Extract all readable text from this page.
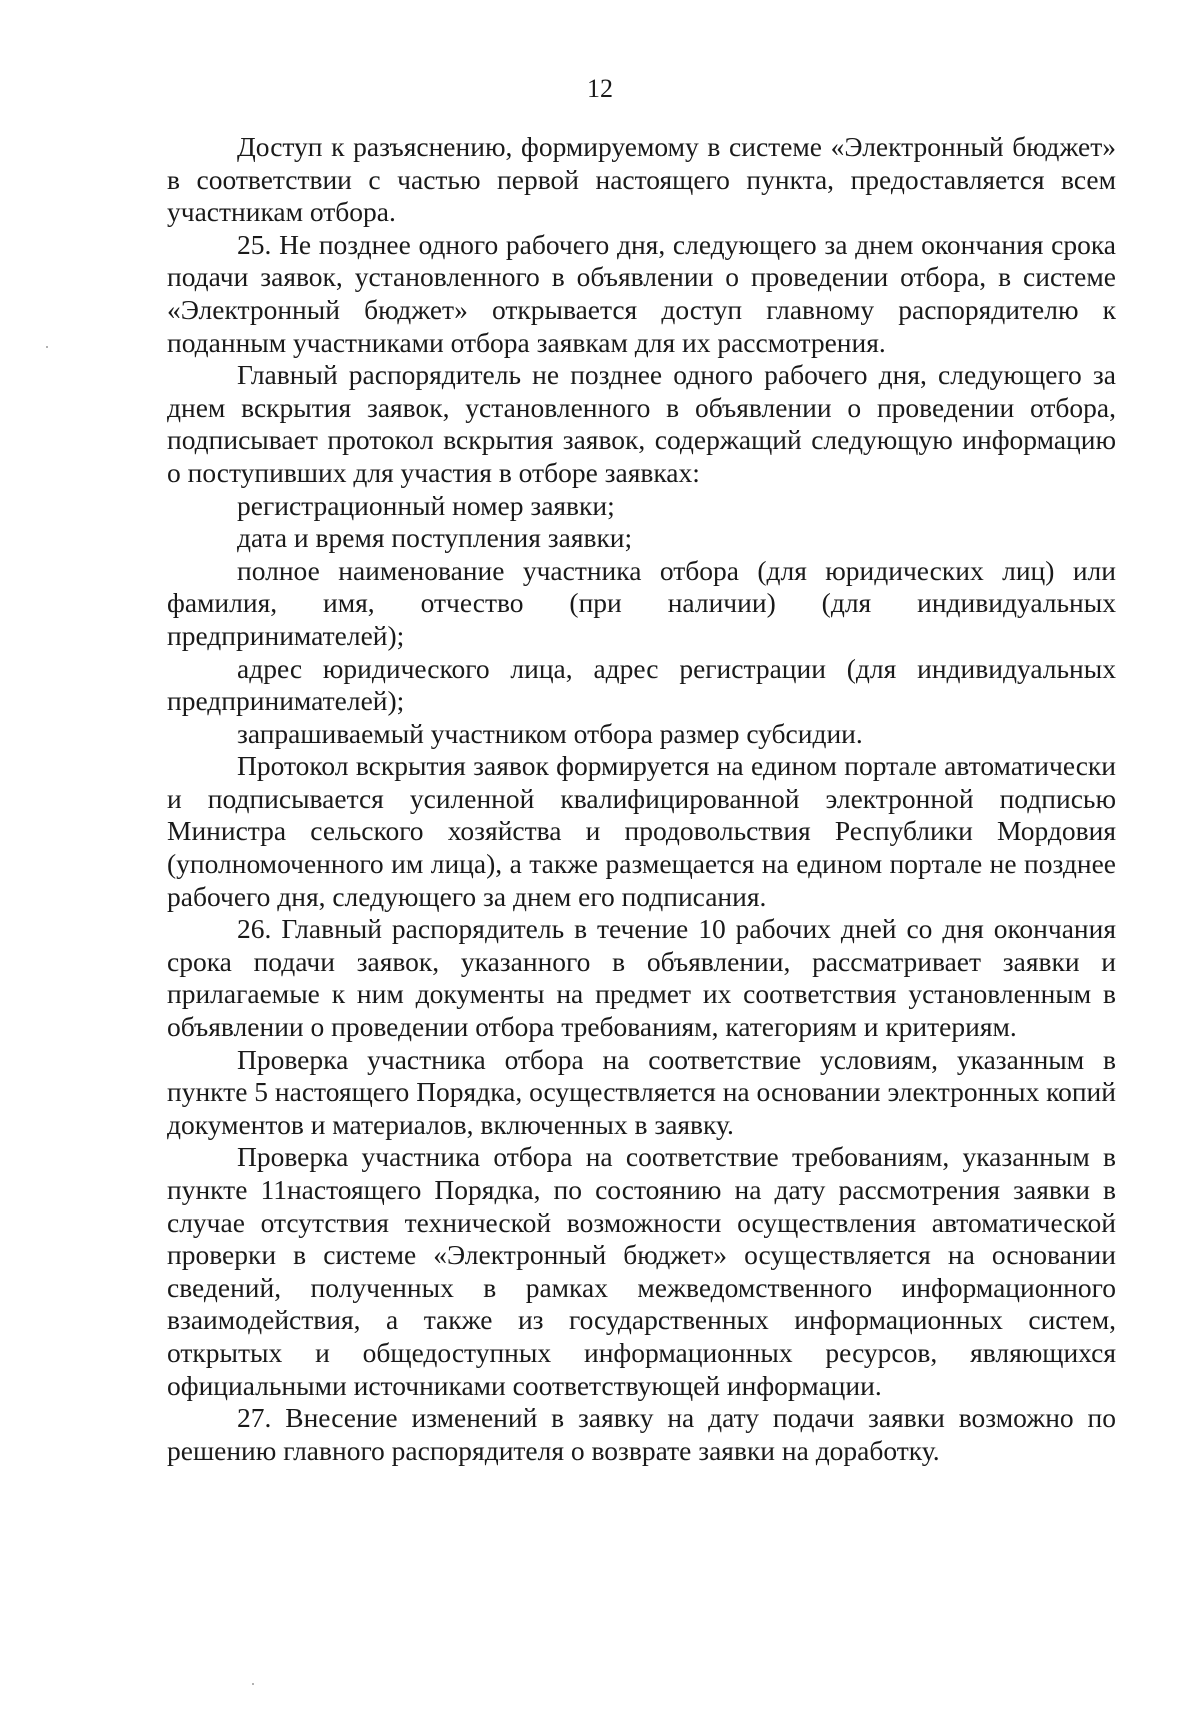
12

Доступ к разъяснению, формируемому в системе «Электронный бюджет» в соответствии с частью первой настоящего пункта, предоставляется всем участникам отбора.

25. Не позднее одного рабочего дня, следующего за днем окончания срока подачи заявок, установленного в объявлении о проведении отбора, в системе «Электронный бюджет» открывается доступ главному распорядителю к поданным участниками отбора заявкам для их рассмотрения.

Главный распорядитель не позднее одного рабочего дня, следующего за днем вскрытия заявок, установленного в объявлении о проведении отбора, подписывает протокол вскрытия заявок, содержащий следующую информацию о поступивших для участия в отборе заявках:

регистрационный номер заявки;

дата и время поступления заявки;

полное наименование участника отбора (для юридических лиц) или фамилия, имя, отчество (при наличии) (для индивидуальных предпринимателей);

адрес юридического лица, адрес регистрации (для индивидуальных предпринимателей);

запрашиваемый участником отбора размер субсидии.

Протокол вскрытия заявок формируется на едином портале автоматически и подписывается усиленной квалифицированной электронной подписью Министра сельского хозяйства и продовольствия Республики Мордовия (уполномоченного им лица), а также размещается на едином портале не позднее рабочего дня, следующего за днем его подписания.

26. Главный распорядитель в течение 10 рабочих дней со дня окончания срока подачи заявок, указанного в объявлении, рассматривает заявки и прилагаемые к ним документы на предмет их соответствия установленным в объявлении о проведении отбора требованиям, категориям и критериям.

Проверка участника отбора на соответствие условиям, указанным в пункте 5 настоящего Порядка, осуществляется на основании электронных копий документов и материалов, включенных в заявку.

Проверка участника отбора на соответствие требованиям, указанным в пункте 11настоящего Порядка, по состоянию на дату рассмотрения заявки в случае отсутствия технической возможности осуществления автоматической проверки в системе «Электронный бюджет» осуществляется на основании сведений, полученных в рамках межведомственного информационного взаимодействия, а также из государственных информационных систем, открытых и общедоступных информационных ресурсов, являющихся официальными источниками соответствующей информации.

27. Внесение изменений в заявку на дату подачи заявки возможно по решению главного распорядителя о возврате заявки на доработку.
